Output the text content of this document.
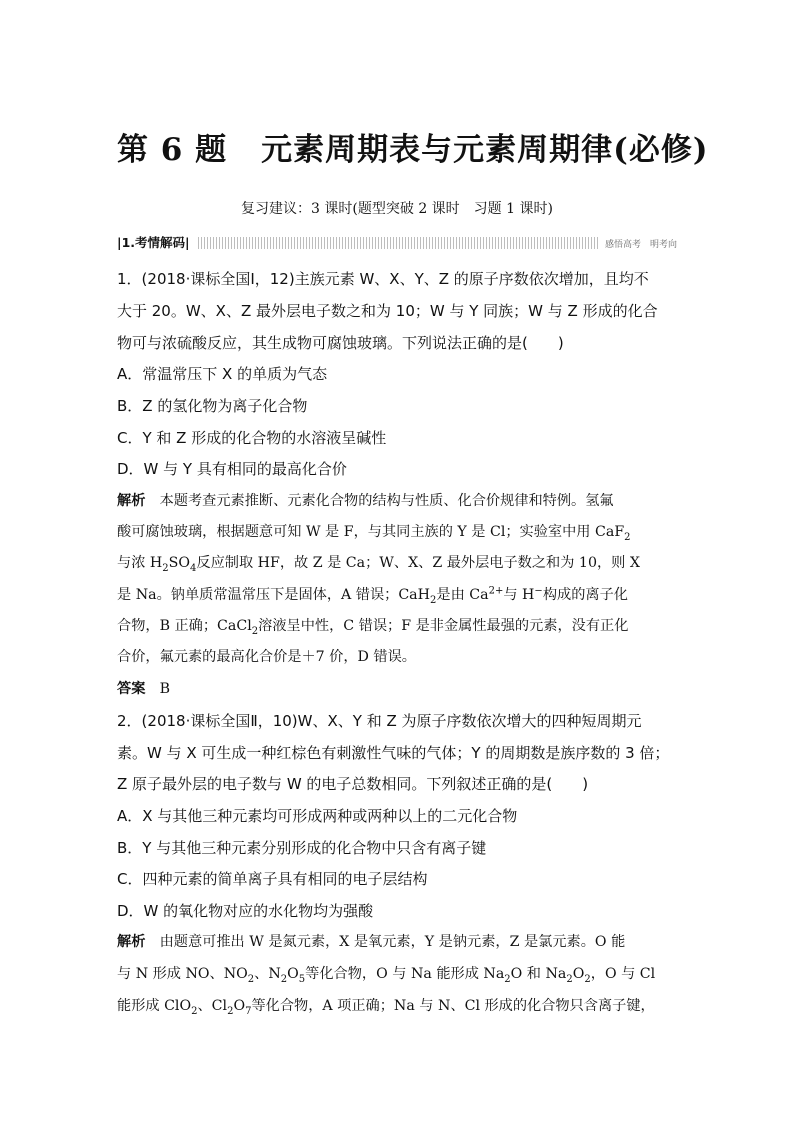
第 6 题 元素周期表与元素周期律(必修)
复习建议：3 课时(题型突破 2 课时　习题 1 课时)
|1.考情解码|	感悟高考　明考向
1．(2018·课标全国Ⅰ，12)主族元素 W、X、Y、Z 的原子序数依次增加，且均不
大于 20。W、X、Z 最外层电子数之和为 10；W 与 Y 同族；W 与 Z 形成的化合
物可与浓硫酸反应，其生成物可腐蚀玻璃。下列说法正确的是(　　)
A．常温常压下 X 的单质为气态
B．Z 的氢化物为离子化合物
C．Y 和 Z 形成的化合物的水溶液呈碱性
D．W 与 Y 具有相同的最高化合价
解析　 本题考查元素推断、元素化合物的结构与性质、化合价规律和特例。氢氟
酸可腐蚀玻璃，根据题意可知 W 是 F，与其同主族的 Y 是 Cl；实验室中用 CaF$_2$
与浓 $H_2SO_4$反应制取 HF，故 Z 是 Ca；W、X、Z 最外层电子数之和为 10，则 X
是 Na。钠单质常温常压下是固体，A 错误；CaH$_2$是由 $Ca^{2+}$与 H−构成的离子化
合物，B 正确；CaCl$_2$溶液呈中性，C 错误；F 是非金属性最强的元素，没有正化
合价，氟元素的最高化合价是＋7 价，D 错误。
答案　 B
2．(2018·课标全国Ⅱ，10)W、X、Y 和 Z 为原子序数依次增大的四种短周期元
素。W 与 X 可生成一种红棕色有刺激性气味的气体；Y 的周期数是族序数的 3 倍；
Z 原子最外层的电子数与 W 的电子总数相同。下列叙述正确的是(　　)
A．X 与其他三种元素均可形成两种或两种以上的二元化合物
B．Y 与其他三种元素分别形成的化合物中只含有离子键
C．四种元素的简单离子具有相同的电子层结构
D．W 的氧化物对应的水化物均为强酸
解析　 由题意可推出 W 是氮元素，X 是氧元素，Y 是钠元素，Z 是氯元素。O 能
与 N 形成 NO、$NO_2$、$N_2O_5$等化合物，O 与 Na 能形成 $Na_2O$ 和 $Na_2O_2$，O 与 Cl
能形成 ClO$_2$、$Cl_2O_7$等化合物，A 项正确；Na 与 N、Cl 形成的化合物只含离子键，
